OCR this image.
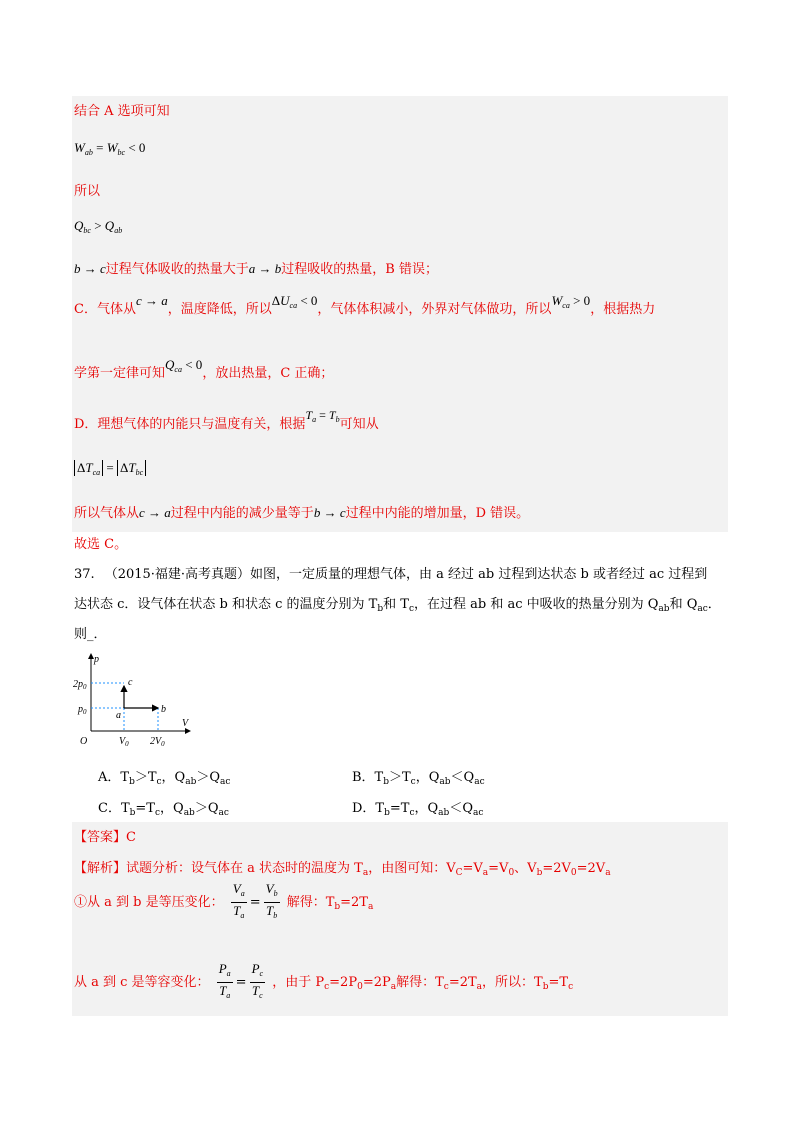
结合 A 选项可知
$W_{ab} = W_{bc} < 0$
所以
$Q_{bc} > Q_{ab}$
b → c过程气体吸收的热量大于a → b过程吸收的热量，B 错误；
C．气体从c → a，温度降低，所以$\Delta U_{ca} < 0$，气体体积减小，外界对气体做功，所以$W_{ca} > 0$，根据热力
学第一定律可知$Q_{ca} < 0$，放出热量，C 正确；
D．理想气体的内能只与温度有关，根据$T_a = T_b$可知从
$\Delta T_{ca} = \Delta T_{bc}$
所以气体从c → a过程中内能的减少量等于b → c过程中内能的增加量，D 错误。
故选 C。
37. （2015·福建·高考真题）如图，一定质量的理想气体，由 a 经过 ab 过程到达状态 b 或者经过 ac 过程到
达状态 c．设气体在状态 b 和状态 c 的温度分别为 $T_b$和 $T_c$，在过程 ab 和 ac 中吸收的热量分别为 $Q_{ab}$和 $Q_{ac}$．
则_．
p
V
O
$2p_0$
$p_0$
$V_0$ $2V_0$
a
b
c
A．$T_b>T_c$，$Q_{ab}>Q_{ac}$	B．$T_b>T_c$，$Q_{ab}<Q_{ac}$
C．$T_b=T_c$，$Q_{ab}>Q_{ac}$	D．$T_b=T_c$，$Q_{ab}<Q_{ac}$
【答案】C
【解析】试题分析：设气体在 a 状态时的温度为 $T_a$，由图可知：$V_C=V_a=V_0$、$V_b=2V_0=2V_a$
①从 a 到 b 是等压变化： $\frac{V_a}{T_a} = \frac{V_b}{T_b}$ 解得：$T_b=2T_a$
从 a 到 c 是等容变化： $\frac{P_a}{T_a} = \frac{P_c}{T_c}$ ，由于 $P_c=2P_0=2P_a$解得：$T_c=2T_a$，所以：$T_b=T_c$
